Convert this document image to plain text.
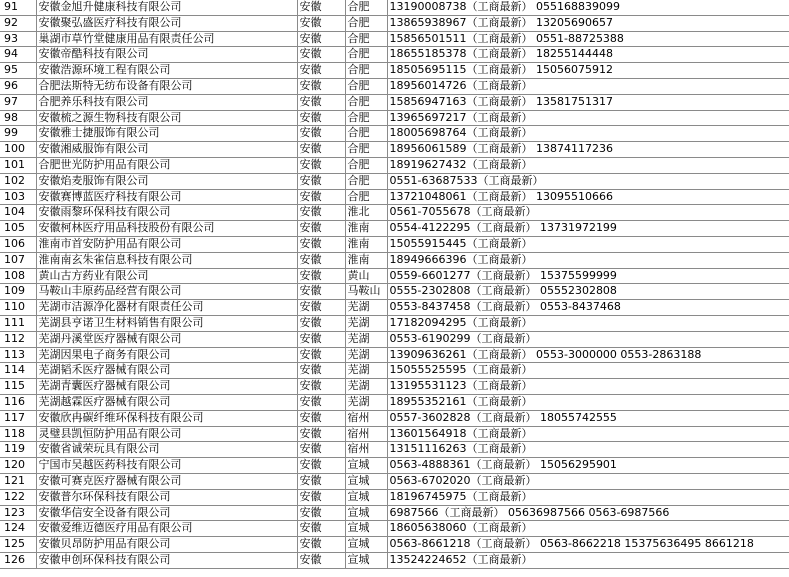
91	安徽金旭升健康科技有限公司	安徽	合肥	13190008738（工商最新） 055168839099
92	安徽聚弘盛医疗科技有限公司	安徽	合肥	13865938967（工商最新） 13205690657
93	巢湖市草竹堂健康用品有限责任公司	安徽	合肥	15856501511（工商最新） 0551-88725388
94	安徽帝酷科技有限公司	安徽	合肥	18655185378（工商最新） 18255144448
95	安徽浩源环境工程有限公司	安徽	合肥	18505695115（工商最新） 15056075912
96	合肥法斯特无纺布设备有限公司	安徽	合肥	18956014726（工商最新）
97	合肥养乐科技有限公司	安徽	合肥	15856947163（工商最新） 13581751317
98	安徽梳之源生物科技有限公司	安徽	合肥	13965697217（工商最新）
99	安徽雅士捷服饰有限公司	安徽	合肥	18005698764（工商最新）
100	安徽湘威服饰有限公司	安徽	合肥	18956061589（工商最新） 13874117236
101	合肥世光防护用品有限公司	安徽	合肥	18919627432（工商最新）
102	安徽焰麦服饰有限公司	安徽	合肥	0551-63687533（工商最新）
103	安徽赛博蓝医疗科技有限公司	安徽	合肥	13721048061（工商最新） 13095510666
104	安徽雨黎环保科技有限公司	安徽	淮北	0561-7055678（工商最新）
105	安徽柯林医疗用品科技股份有限公司	安徽	淮南	0554-4122295（工商最新） 13731972199
106	淮南市首安防护用品有限公司	安徽	淮南	15055915445（工商最新）
107	淮南南玄朱雀信息科技有限公司	安徽	淮南	18949666396（工商最新）
108	黄山古方药业有限公司	安徽	黄山	0559-6601277（工商最新） 15375599999
109	马鞍山丰原药品经营有限公司	安徽	马鞍山	0555-2302808（工商最新） 05552302808
110	芜湖市洁源净化器材有限责任公司	安徽	芜湖	0553-8437458（工商最新） 0553-8437468
111	芜湖县亨诺卫生材料销售有限公司	安徽	芜湖	17182094295（工商最新）
112	芜湖丹溪堂医疗器械有限公司	安徽	芜湖	0553-6190299（工商最新）
113	芜湖因果电子商务有限公司	安徽	芜湖	13909636261（工商最新） 0553-3000000 0553-2863188
114	芜湖韬禾医疗器械有限公司	安徽	芜湖	15055525595（工商最新）
115	芜湖青囊医疗器械有限公司	安徽	芜湖	13195531123（工商最新）
116	芜湖越霖医疗器械有限公司	安徽	芜湖	18955352161（工商最新）
117	安徽欣冉碳纤维环保科技有限公司	安徽	宿州	0557-3602828（工商最新） 18055742555
118	灵璧县凯恒防护用品有限公司	安徽	宿州	13601564918（工商最新）
119	安徽省诚荣玩具有限公司	安徽	宿州	13151116263（工商最新）
120	宁国市吴越医药科技有限公司	安徽	宣城	0563-4888361（工商最新） 15056295901
121	安徽可赛克医疗器械有限公司	安徽	宣城	0563-6702020（工商最新）
122	安徽普尔环保科技有限公司	安徽	宣城	18196745975（工商最新）
123	安徽华信安全设备有限公司	安徽	宣城	6987566（工商最新） 05636987566 0563-6987566
124	安徽爱维迈德医疗用品有限公司	安徽	宣城	18605638060（工商最新）
125	安徽贝昂防护用品有限公司	安徽	宣城	0563-8661218（工商最新） 0563-8662218 15375636495 8661218
126	安徽申创环保科技有限公司	安徽	宣城	13524224652（工商最新）
